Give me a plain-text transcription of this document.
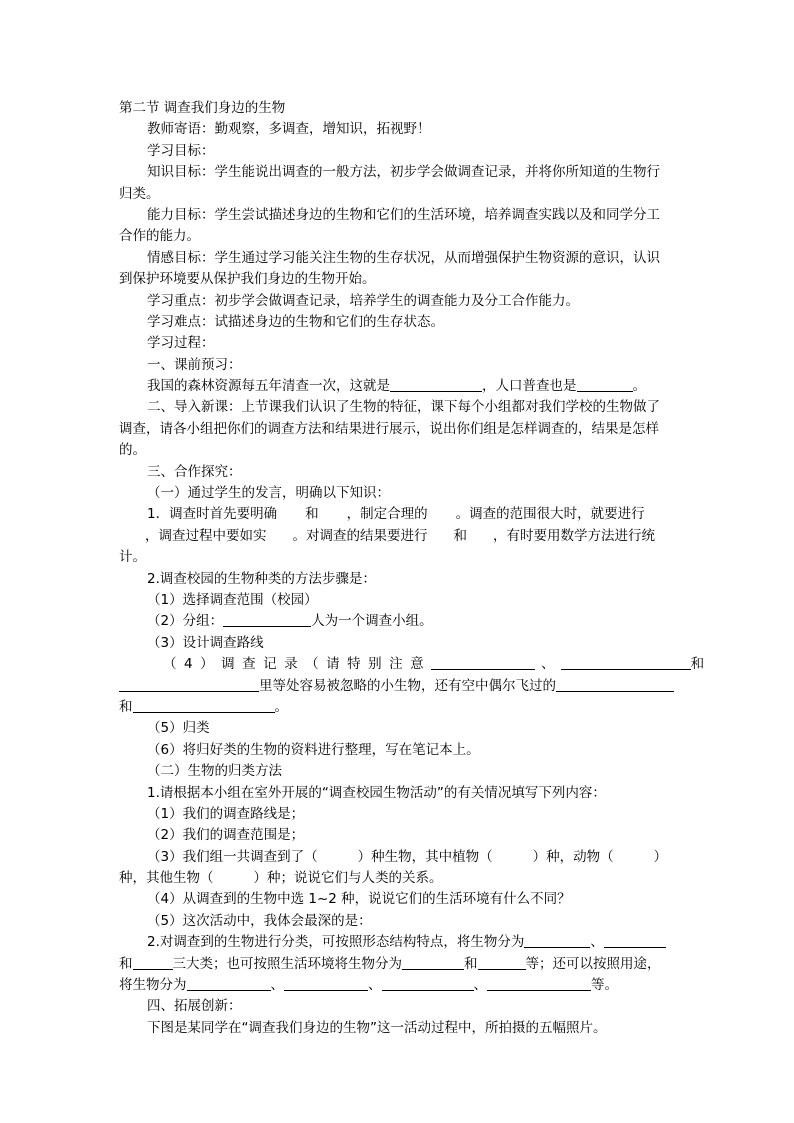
第二节 调查我们身边的生物
教师寄语：勤观察，多调查，增知识，拓视野！
学习目标：
知识目标：学生能说出调查的一般方法，初步学会做调查记录，并将你所知道的生物行
归类。
能力目标：学生尝试描述身边的生物和它们的生活环境，培养调查实践以及和同学分工
合作的能力。
情感目标：学生通过学习能关注生物的生存状况，从而增强保护生物资源的意识，认识
到保护环境要从保护我们身边的生物开始。
学习重点：初步学会做调查记录，培养学生的调查能力及分工合作能力。
学习难点：试描述身边的生物和它们的生存状态。
学习过程：
一、课前预习：
我国的森林资源每五年清查一次，这就是	，人口普查也是	。
二、导入新课：上节课我们认识了生物的特征，课下每个小组都对我们学校的生物做了
调查，请各小组把你们的调查方法和结果进行展示，说出你们组是怎样调查的，结果是怎样
的。
三、合作探究：
（一）通过学生的发言，明确以下知识：
1．调查时首先要明确 和 ，制定合理的 。调查的范围很大时，就要进行
，调查过程中要如实 。对调查的结果要进行 和 ，有时要用数学方法进行统
计。
2.调查校园的生物种类的方法步骤是：
（1）选择调查范围（校园）
（2）分组：	人为一个调查小组。
（3）设计调查路线
（4）调查记录（请特别注意	、	和
里等处容易被忽略的小生物，还有空中偶尔飞过的
和	。
（5）归类
（6）将归好类的生物的资料进行整理，写在笔记本上。
（二）生物的归类方法
1.请根据本小组在室外开展的“调查校园生物活动”的有关情况填写下列内容：
（1）我们的调查路线是；
（2）我们的调查范围是；
（3）我们组一共调查到了（	）种生物，其中植物（	）种，动物（	）
种，其他生物（	）种；说说它们与人类的关系。
（4）从调查到的生物中选 1~2 种，说说它们的生活环境有什么不同？
（5）这次活动中，我体会最深的是：
2.对调查到的生物进行分类，可按照形态结构特点，将生物分为	、
和	三大类；也可按照生活环境将生物分为	和	等；还可以按照用途，
将生物分为	、	、	、	等。
四、拓展创新：
下图是某同学在“调查我们身边的生物”这一活动过程中，所拍摄的五幅照片。
